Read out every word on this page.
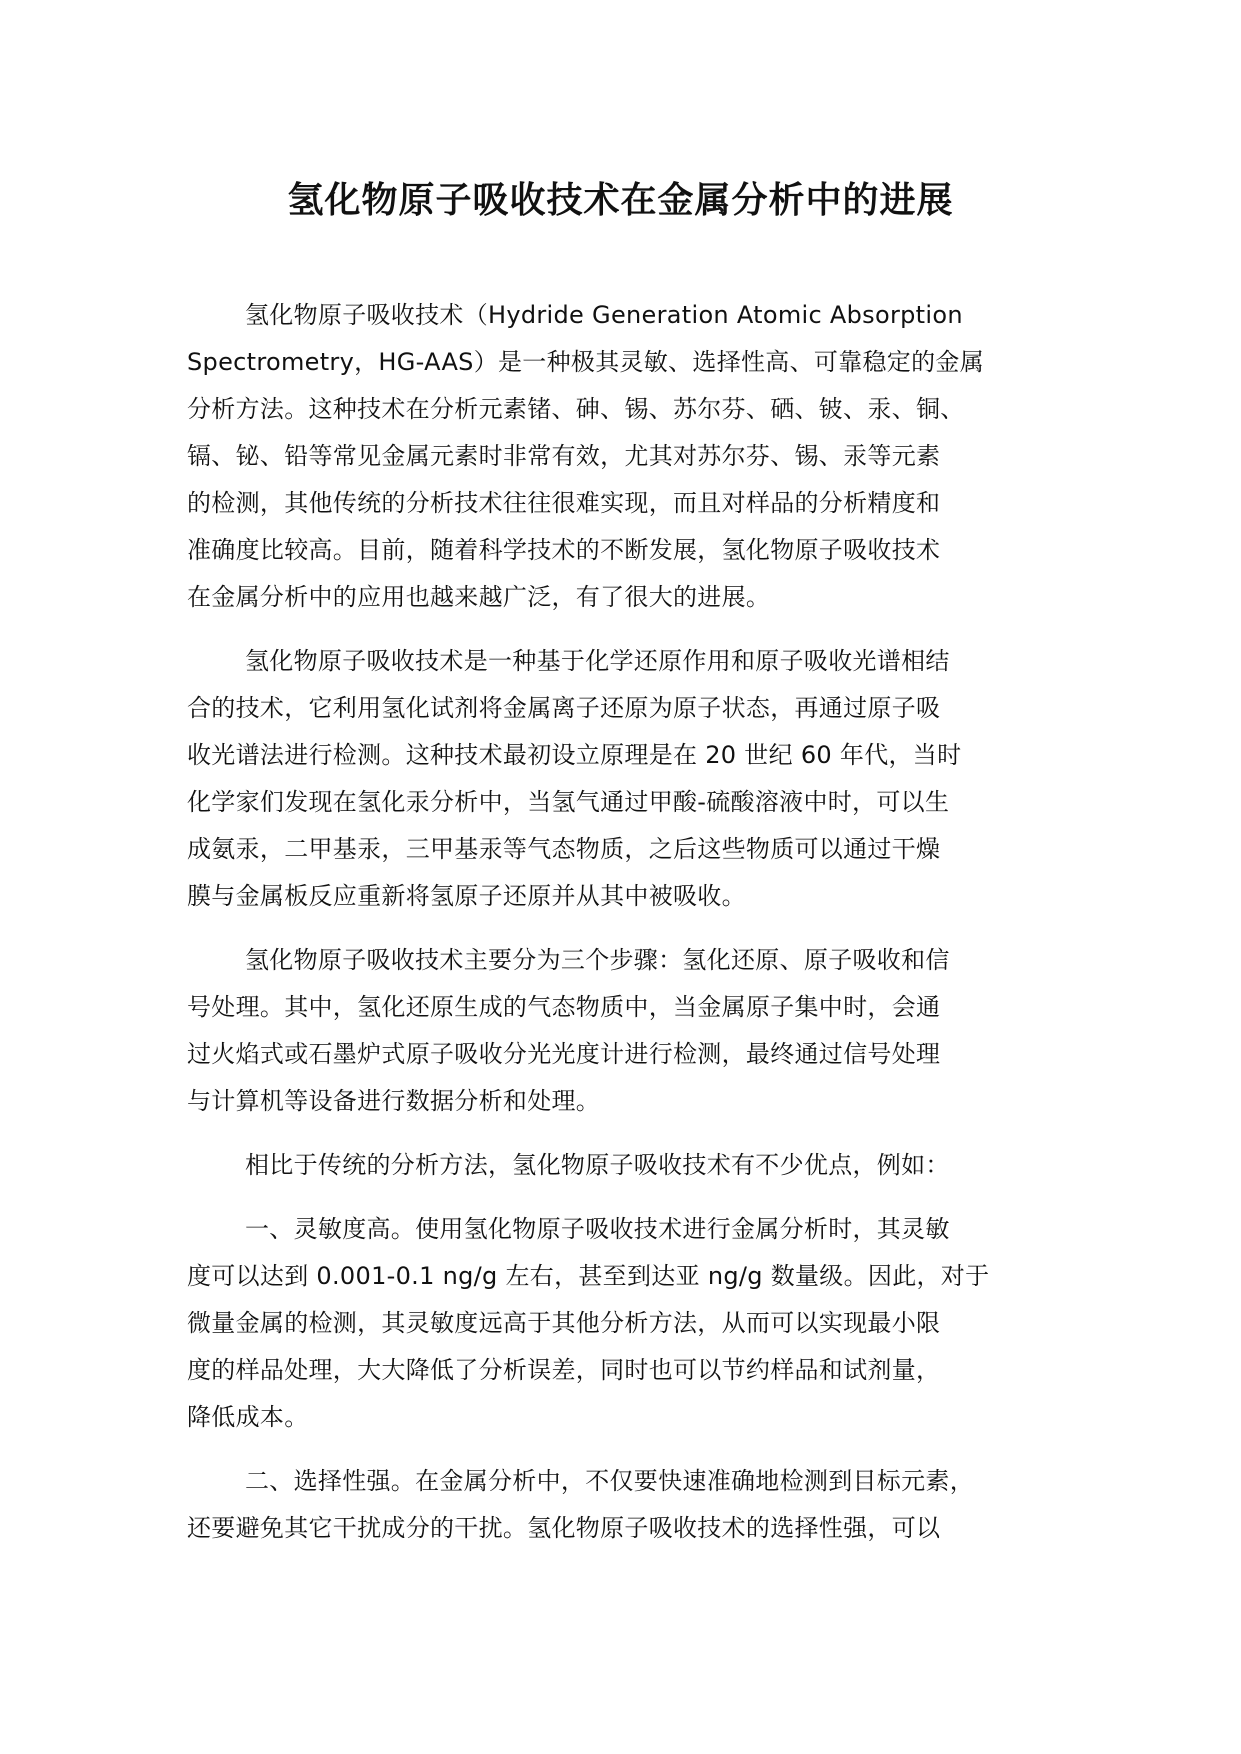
氢化物原子吸收技术在金属分析中的进展

氢化物原子吸收技术（Hydride Generation Atomic Absorption
Spectrometry，HG-AAS）是一种极其灵敏、选择性高、可靠稳定的金属
分析方法。这种技术在分析元素锗、砷、锡、苏尔芬、硒、铍、汞、铜、
镉、铋、铅等常见金属元素时非常有效，尤其对苏尔芬、锡、汞等元素
的检测，其他传统的分析技术往往很难实现，而且对样品的分析精度和
准确度比较高。目前，随着科学技术的不断发展，氢化物原子吸收技术
在金属分析中的应用也越来越广泛，有了很大的进展。

氢化物原子吸收技术是一种基于化学还原作用和原子吸收光谱相结
合的技术，它利用氢化试剂将金属离子还原为原子状态，再通过原子吸
收光谱法进行检测。这种技术最初设立原理是在 20 世纪 60 年代，当时
化学家们发现在氢化汞分析中，当氢气通过甲酸-硫酸溶液中时，可以生
成氨汞，二甲基汞，三甲基汞等气态物质，之后这些物质可以通过干燥
膜与金属板反应重新将氢原子还原并从其中被吸收。

氢化物原子吸收技术主要分为三个步骤：氢化还原、原子吸收和信
号处理。其中，氢化还原生成的气态物质中，当金属原子集中时，会通
过火焰式或石墨炉式原子吸收分光光度计进行检测，最终通过信号处理
与计算机等设备进行数据分析和处理。

相比于传统的分析方法，氢化物原子吸收技术有不少优点，例如：

一、灵敏度高。使用氢化物原子吸收技术进行金属分析时，其灵敏
度可以达到 0.001-0.1 ng/g 左右，甚至到达亚 ng/g 数量级。因此，对于
微量金属的检测，其灵敏度远高于其他分析方法，从而可以实现最小限
度的样品处理，大大降低了分析误差，同时也可以节约样品和试剂量，
降低成本。

二、选择性强。在金属分析中，不仅要快速准确地检测到目标元素，
还要避免其它干扰成分的干扰。氢化物原子吸收技术的选择性强，可以
